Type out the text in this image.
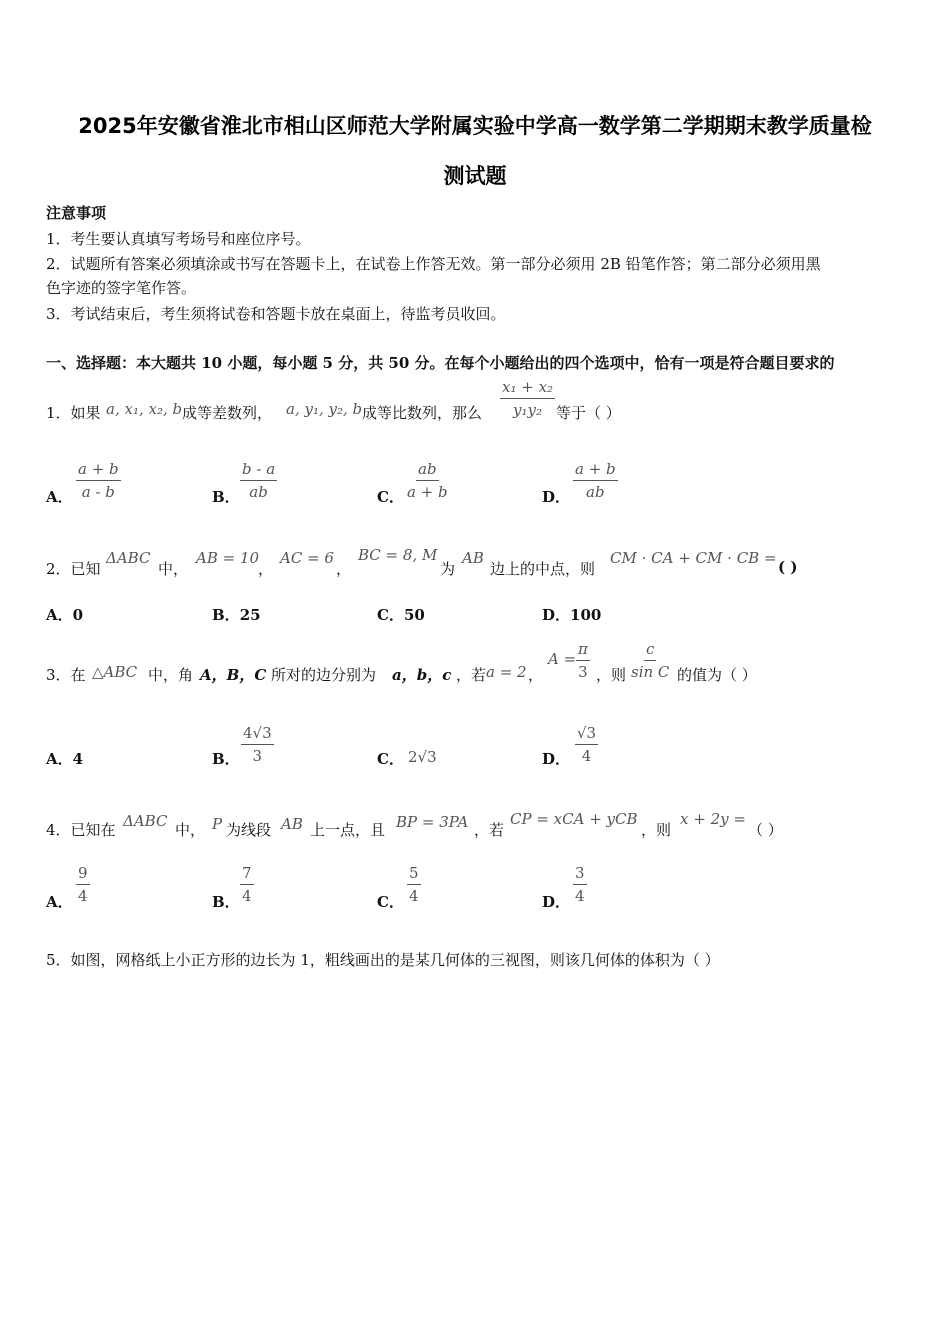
2025年安徽省淮北市相山区师范大学附属实验中学高一数学第二学期期末教学质量检
测试题
注意事项
1．考生要认真填写考场号和座位序号。
2．试题所有答案必须填涂或书写在答题卡上，在试卷上作答无效。第一部分必须用 2B 铅笔作答；第二部分必须用黑
色字迹的签字笔作答。
3．考试结束后，考生须将试卷和答题卡放在桌面上，待监考员收回。
一、选择题：本大题共 10 小题，每小题 5 分，共 50 分。在每个小题给出的四个选项中，恰有一项是符合题目要求的
1．如果 a, x₁, x₂, b 成等差数列， a, y₁, y₂, b 成等比数列，那么 $\frac{\text{x₁ + x₂}}{\text{y₁y₂}}$ 等于（ ）
A． $\frac{a + b}{a - b}$	B． $\frac{b - a}{ab}$	C． $\frac{ab}{a + b}$	D． $\frac{a + b}{ab}$
2．已知
ΔABC
中，
AB = 10
，
AC = 6
，
BC = 8, M
为
AB
边上的中点，则
CM · CA + CM · CB = ( )
A．0	B．25	C．50	D．100
3．在 △ABC 中，角 A，B，C 所对的边分别为 a，b，c ，若 a = 2 ，
$A = \frac{\pi}{3}$ ，则 $\frac{c}{\text{sin C}}$ 的值为（ ）
A．4	B． $\frac{4√3}{3}$	C． 2√3	D． $\frac{√3}{4}$
4．已知在 ΔABC 中， P 为线段 AB 上一点，且 BP = 3PA ，若
CP = xCA + yCB
，则
x + 2y =
（ ）
A． $\frac{9}{4}$	B． $\frac{7}{4}$	C． $\frac{5}{4}$	D． $\frac{3}{4}$
5．如图，网格纸上小正方形的边长为 1，粗线画出的是某几何体的三视图，则该几何体的体积为（ ）
